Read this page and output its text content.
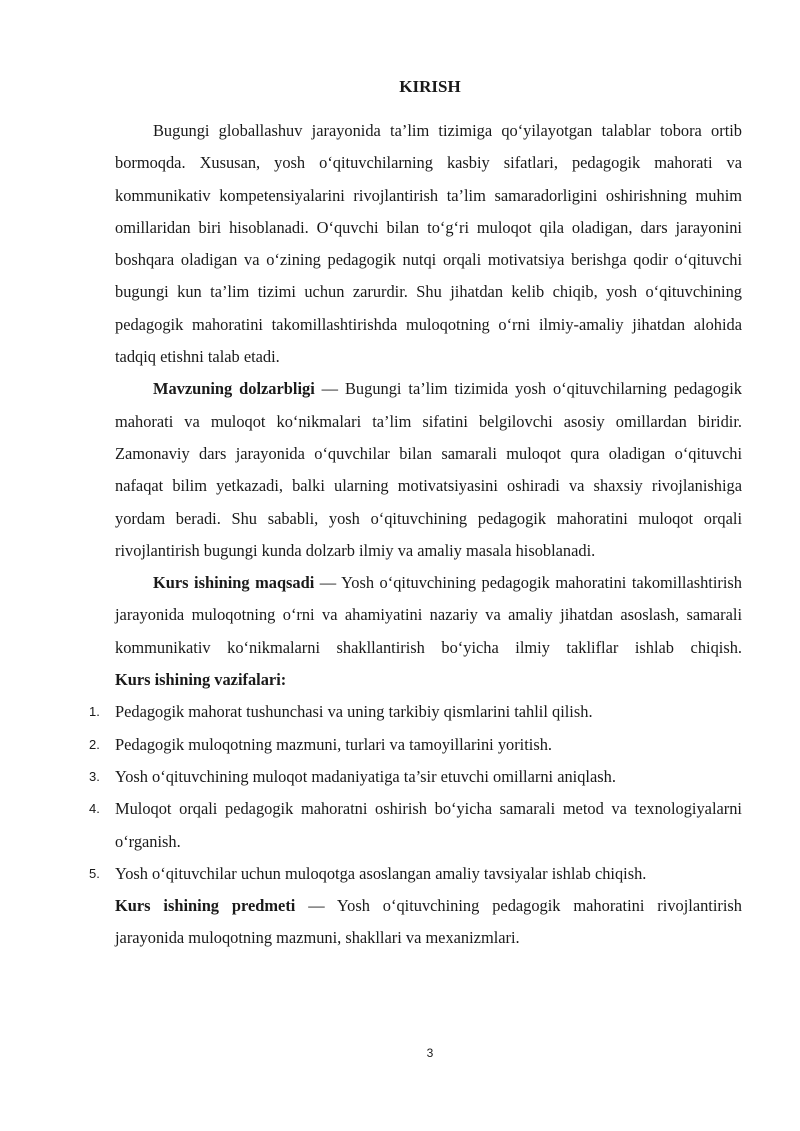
KIRISH

Bugungi globallashuv jarayonida ta’lim tizimiga qo‘yilayotgan talablar tobora ortib bormoqda. Xususan, yosh o‘qituvchilarning kasbiy sifatlari, pedagogik mahorati va kommunikativ kompetensiyalarini rivojlantirish ta’lim samaradorligini oshirishning muhim omillaridan biri hisoblanadi. O‘quvchi bilan to‘g‘ri muloqot qila oladigan, dars jarayonini boshqara oladigan va o‘zining pedagogik nutqi orqali motivatsiya berishga qodir o‘qituvchi bugungi kun ta’lim tizimi uchun zarurdir. Shu jihatdan kelib chiqib, yosh o‘qituvchining pedagogik mahoratini takomillashtirishda muloqotning o‘rni ilmiy-amaliy jihatdan alohida tadqiq etishni talab etadi.

Mavzuning dolzarbligi — Bugungi ta’lim tizimida yosh o‘qituvchilarning pedagogik mahorati va muloqot ko‘nikmalari ta’lim sifatini belgilovchi asosiy omillardan biridir. Zamonaviy dars jarayonida o‘quvchilar bilan samarali muloqot qura oladigan o‘qituvchi nafaqat bilim yetkazadi, balki ularning motivatsiyasini oshiradi va shaxsiy rivojlanishiga yordam beradi. Shu sababli, yosh o‘qituvchining pedagogik mahoratini muloqot orqali rivojlantirish bugungi kunda dolzarb ilmiy va amaliy masala hisoblanadi.

Kurs ishining maqsadi — Yosh o‘qituvchining pedagogik mahoratini takomillashtirish jarayonida muloqotning o‘rni va ahamiyatini nazariy va amaliy jihatdan asoslash, samarali kommunikativ ko‘nikmalarni shakllantirish bo‘yicha ilmiy takliflar ishlab chiqish.

Kurs ishining vazifalari:

1. Pedagogik mahorat tushunchasi va uning tarkibiy qismlarini tahlil qilish.
2. Pedagogik muloqotning mazmuni, turlari va tamoyillarini yoritish.
3. Yosh o‘qituvchining muloqot madaniyatiga ta’sir etuvchi omillarni aniqlash.
4. Muloqot orqali pedagogik mahoratni oshirish bo‘yicha samarali metod va texnologiyalarni o‘rganish.
5. Yosh o‘qituvchilar uchun muloqotga asoslangan amaliy tavsiyalar ishlab chiqish.

Kurs ishining predmeti — Yosh o‘qituvchining pedagogik mahoratini rivojlantirish jarayonida muloqotning mazmuni, shakllari va mexanizmlari.

3
